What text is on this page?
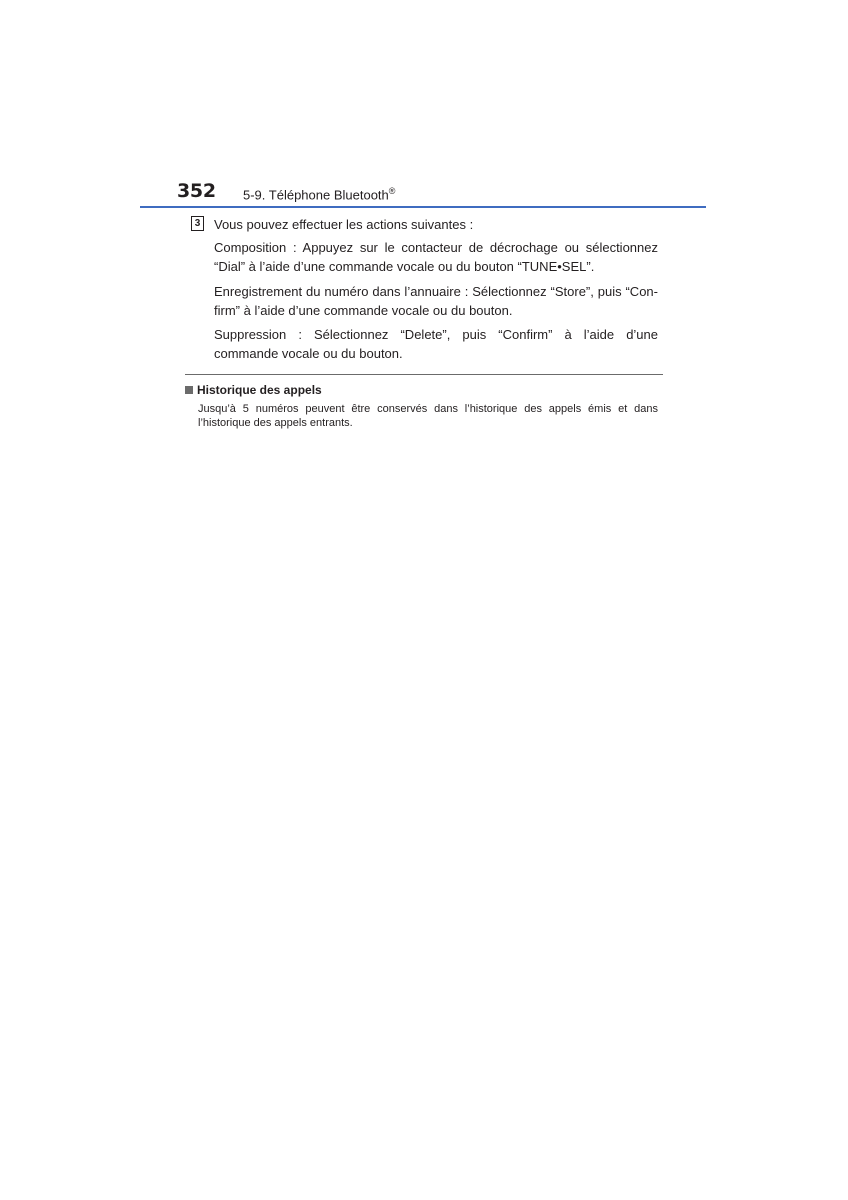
352 5-9. Téléphone Bluetooth®
3 Vous pouvez effectuer les actions suivantes :
Composition : Appuyez sur le contacteur de décrochage ou sélectionnez “Dial” à l’aide d’une commande vocale ou du bouton “TUNE•SEL”.
Enregistrement du numéro dans l’annuaire : Sélectionnez “Store”, puis “Con-firm” à l’aide d’une commande vocale ou du bouton.
Suppression : Sélectionnez “Delete”, puis “Confirm” à l’aide d’une commande vocale ou du bouton.
Historique des appels
Jusqu’à 5 numéros peuvent être conservés dans l’historique des appels émis et dans l’historique des appels entrants.
